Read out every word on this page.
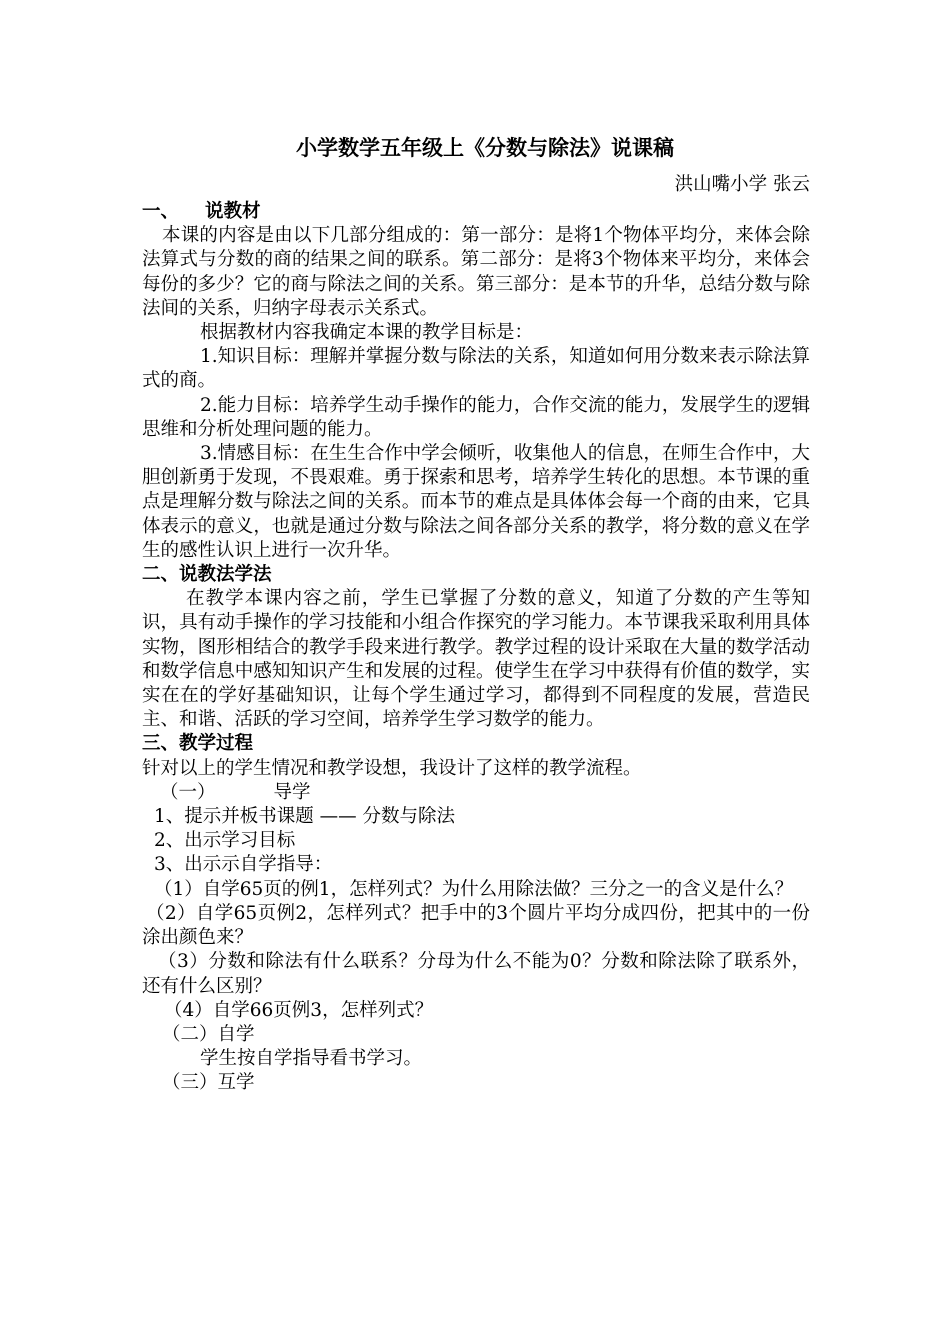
小学数学五年级上《分数与除法》说课稿
洪山嘴小学 张云
一、 说教材

本课的内容是由以下几部分组成的：第一部分：是将1个物体平均分，来体会除法算式与分数的商的结果之间的联系。第二部分：是将3个物体来平均分，来体会每份的多少？它的商与除法之间的关系。第三部分：是本节的升华，总结分数与除法间的关系，归纳字母表示关系式。

根据教材内容我确定本课的教学目标是：

1.知识目标：理解并掌握分数与除法的关系，知道如何用分数来表示除法算式的商。

2.能力目标：培养学生动手操作的能力，合作交流的能力，发展学生的逻辑思维和分析处理问题的能力。

3.情感目标：在生生合作中学会倾听，收集他人的信息，在师生合作中，大胆创新勇于发现，不畏艰难。勇于探索和思考，培养学生转化的思想。本节课的重点是理解分数与除法之间的关系。而本节的难点是具体体会每一个商的由来，它具体表示的意义，也就是通过分数与除法之间各部分关系的教学，将分数的意义在学生的感性认识上进行一次升华。

二、说教法学法

在教学本课内容之前，学生已掌握了分数的意义，知道了分数的产生等知识，具有动手操作的学习技能和小组合作探究的学习能力。本节课我采取利用具体实物，图形相结合的教学手段来进行教学。教学过程的设计采取在大量的数学活动和数学信息中感知知识产生和发展的过程。使学生在学习中获得有价值的数学，实实在在的学好基础知识，让每个学生通过学习，都得到不同程度的发展，营造民主、和谐、活跃的学习空间，培养学生学习数学的能力。

三、教学过程

针对以上的学生情况和教学设想，我设计了这样的教学流程。

（一）	导学

1、提示并板书课题 —— 分数与除法

2、出示学习目标

3、出示示自学指导：

（1）自学65页的例1，怎样列式？为什么用除法做？三分之一的含义是什么？

（2）自学65页例2，怎样列式？把手中的3个圆片平均分成四份，把其中的一份涂出颜色来？

（3）分数和除法有什么联系？分母为什么不能为0？分数和除法除了联系外，还有什么区别？

（4）自学66页例3，怎样列式？

（二）自学

学生按自学指导看书学习。

（三）互学
